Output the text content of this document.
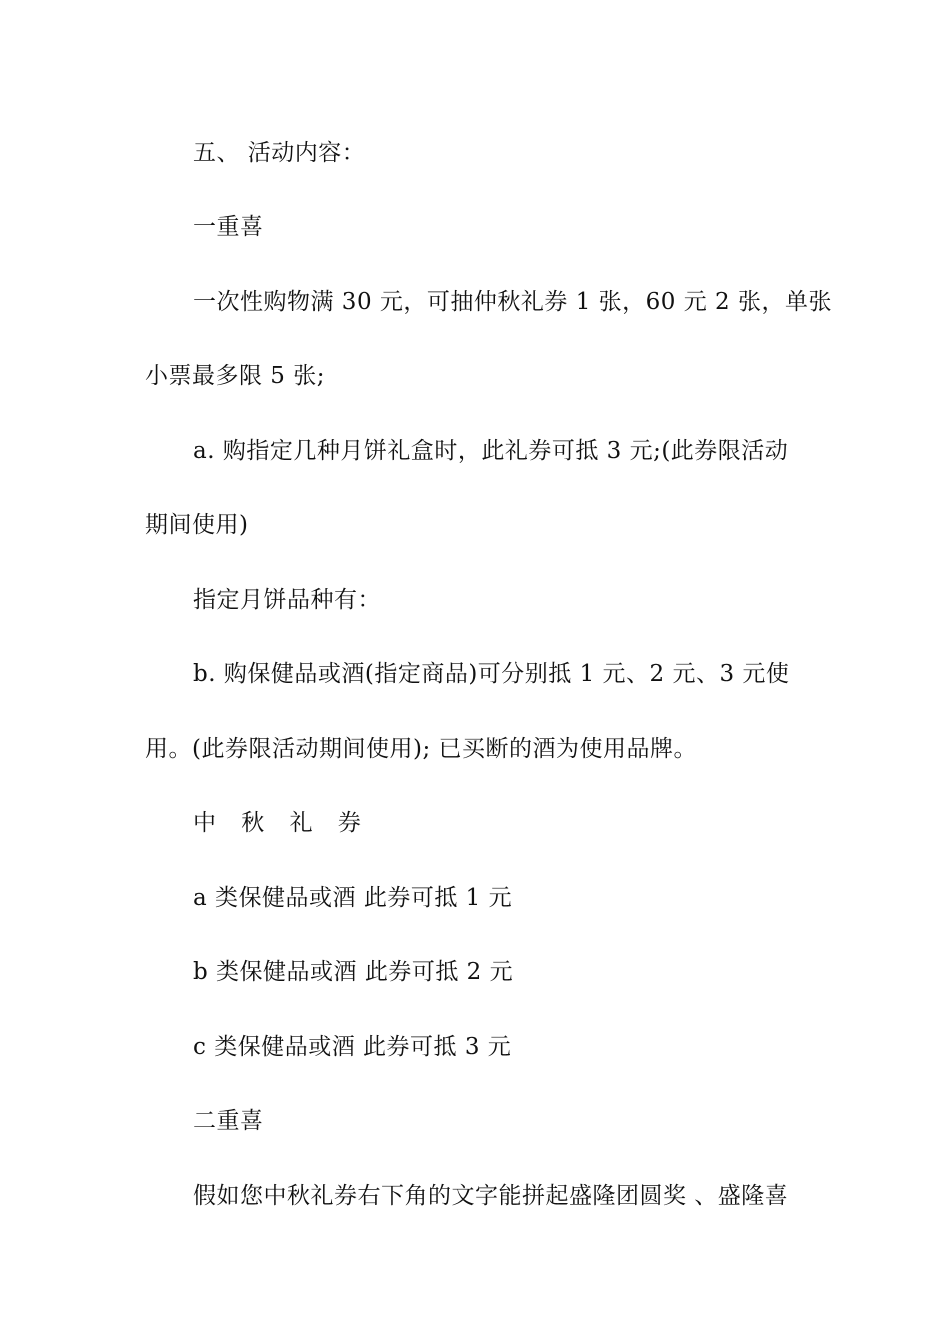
五、 活动内容：
一重喜
一次性购物满 30 元，可抽仲秋礼券 1 张，60 元 2 张，单张
小票最多限 5 张;
a. 购指定几种月饼礼盒时，此礼券可抵 3 元;(此券限活动
期间使用)
指定月饼品种有：
b. 购保健品或酒(指定商品)可分别抵 1 元、2 元、3 元使
用。(此券限活动期间使用); 已买断的酒为使用品牌。
中 秋 礼 券
a 类保健品或酒 此券可抵 1 元
b 类保健品或酒 此券可抵 2 元
c 类保健品或酒 此券可抵 3 元
二重喜
假如您中秋礼券右下角的文字能拼起盛隆团圆奖 、盛隆喜
